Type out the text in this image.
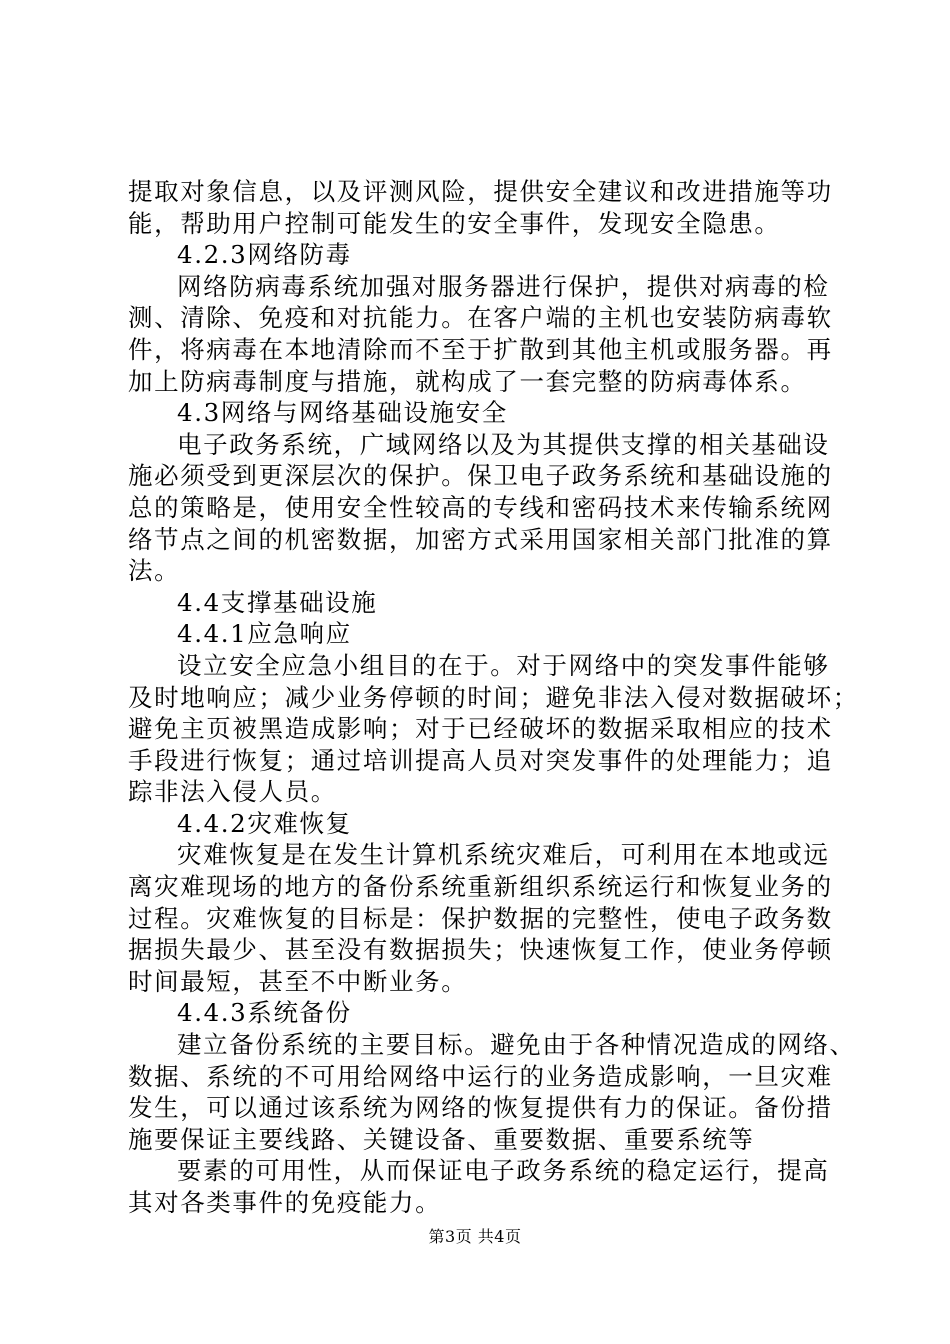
提取对象信息，以及评测风险，提供安全建议和改进措施等功
能，帮助用户控制可能发生的安全事件，发现安全隐患。
4.2.3网络防毒
网络防病毒系统加强对服务器进行保护，提供对病毒的检
测、清除、免疫和对抗能力。在客户端的主机也安装防病毒软
件，将病毒在本地清除而不至于扩散到其他主机或服务器。再
加上防病毒制度与措施，就构成了一套完整的防病毒体系。
4.3网络与网络基础设施安全
电子政务系统，广域网络以及为其提供支撑的相关基础设
施必须受到更深层次的保护。保卫电子政务系统和基础设施的
总的策略是，使用安全性较高的专线和密码技术来传输系统网
络节点之间的机密数据，加密方式采用国家相关部门批准的算
法。
4.4支撑基础设施
4.4.1应急响应
设立安全应急小组目的在于。对于网络中的突发事件能够
及时地响应；减少业务停顿的时间；避免非法入侵对数据破坏；
避免主页被黑造成影响；对于已经破坏的数据采取相应的技术
手段进行恢复；通过培训提高人员对突发事件的处理能力；追
踪非法入侵人员。
4.4.2灾难恢复
灾难恢复是在发生计算机系统灾难后，可利用在本地或远
离灾难现场的地方的备份系统重新组织系统运行和恢复业务的
过程。灾难恢复的目标是：保护数据的完整性，使电子政务数
据损失最少、甚至没有数据损失；快速恢复工作，使业务停顿
时间最短，甚至不中断业务。
4.4.3系统备份
建立备份系统的主要目标。避免由于各种情况造成的网络、
数据、系统的不可用给网络中运行的业务造成影响，一旦灾难
发生，可以通过该系统为网络的恢复提供有力的保证。备份措
施要保证主要线路、关键设备、重要数据、重要系统等
要素的可用性，从而保证电子政务系统的稳定运行，提高
其对各类事件的免疫能力。
第3页 共4页
